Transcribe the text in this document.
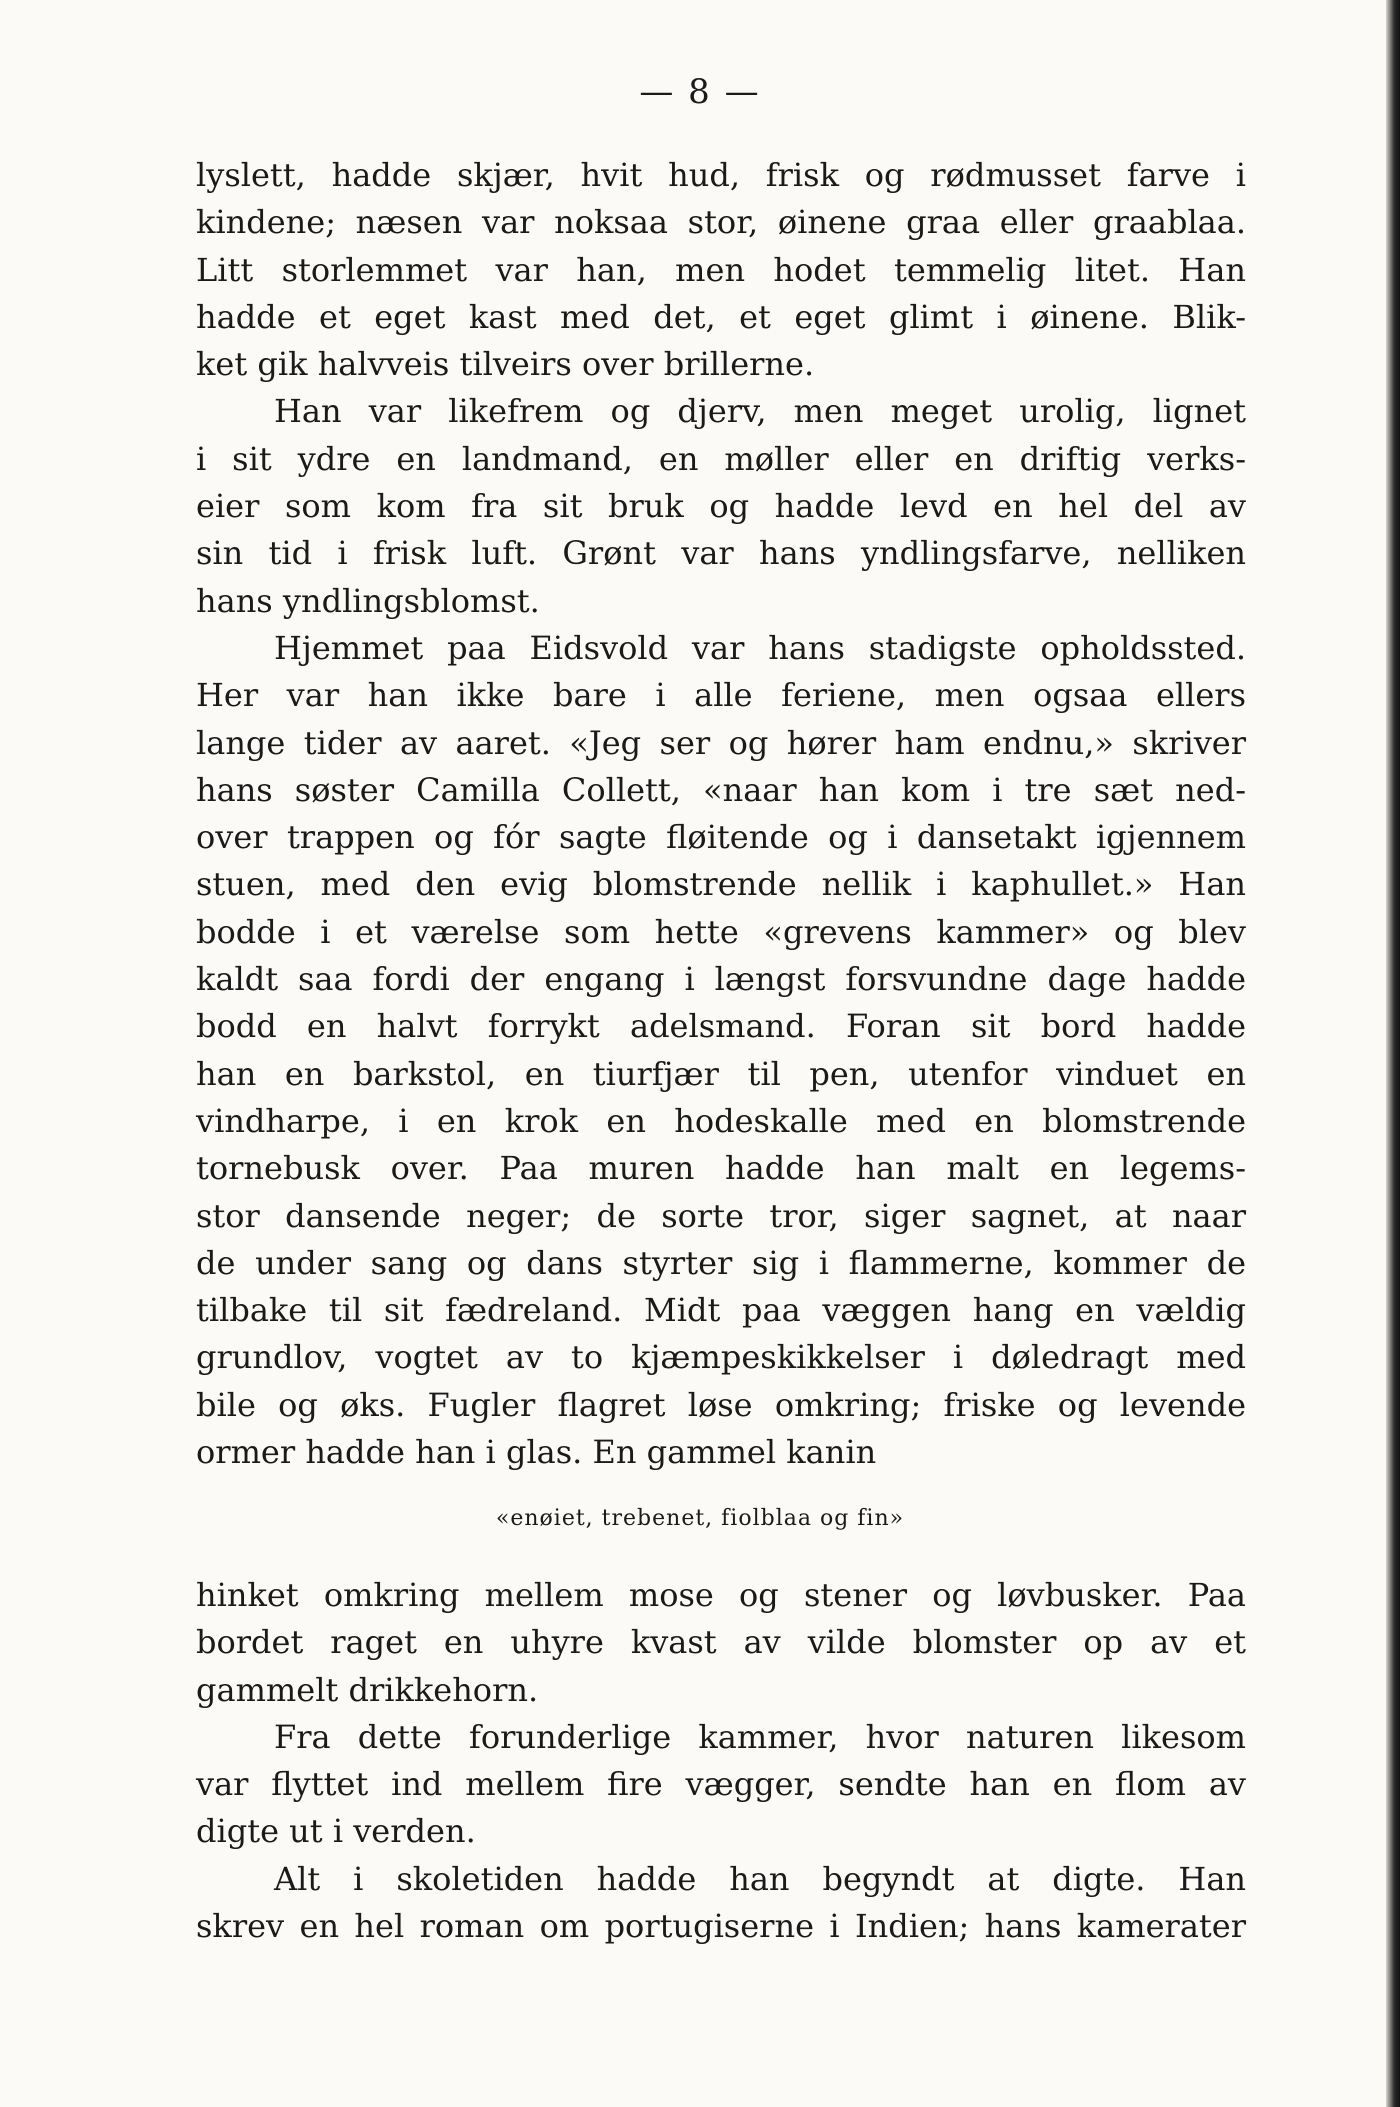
— 8 —
lyslett, hadde skjær, hvit hud, frisk og rødmusset farve i
kindene; næsen var noksaa stor, øinene graa eller graablaa.
Litt storlemmet var han, men hodet temmelig litet. Han
hadde et eget kast med det, et eget glimt i øinene. Blik-
ket gik halvveis tilveirs over brillerne.
Han var likefrem og djerv, men meget urolig, lignet
i sit ydre en landmand, en møller eller en driftig verks-
eier som kom fra sit bruk og hadde levd en hel del av
sin tid i frisk luft. Grønt var hans yndlingsfarve, nelliken
hans yndlingsblomst.
Hjemmet paa Eidsvold var hans stadigste opholdssted.
Her var han ikke bare i alle feriene, men ogsaa ellers
lange tider av aaret. «Jeg ser og hører ham endnu,» skriver
hans søster Camilla Collett, «naar han kom i tre sæt ned-
over trappen og fór sagte fløitende og i dansetakt igjennem
stuen, med den evig blomstrende nellik i kaphullet.» Han
bodde i et værelse som hette «grevens kammer» og blev
kaldt saa fordi der engang i længst forsvundne dage hadde
bodd en halvt forrykt adelsmand. Foran sit bord hadde
han en barkstol, en tiurfjær til pen, utenfor vinduet en
vindharpe, i en krok en hodeskalle med en blomstrende
tornebusk over. Paa muren hadde han malt en legems-
stor dansende neger; de sorte tror, siger sagnet, at naar
de under sang og dans styrter sig i flammerne, kommer de
tilbake til sit fædreland. Midt paa væggen hang en vældig
grundlov, vogtet av to kjæmpeskikkelser i døledragt med
bile og øks. Fugler flagret løse omkring; friske og levende
ormer hadde han i glas. En gammel kanin
«enøiet, trebenet, fiolblaa og fin»
hinket omkring mellem mose og stener og løvbusker. Paa
bordet raget en uhyre kvast av vilde blomster op av et
gammelt drikkehorn.
Fra dette forunderlige kammer, hvor naturen likesom
var flyttet ind mellem fire vægger, sendte han en flom av
digte ut i verden.
Alt i skoletiden hadde han begyndt at digte. Han
skrev en hel roman om portugiserne i Indien; hans kamerater
